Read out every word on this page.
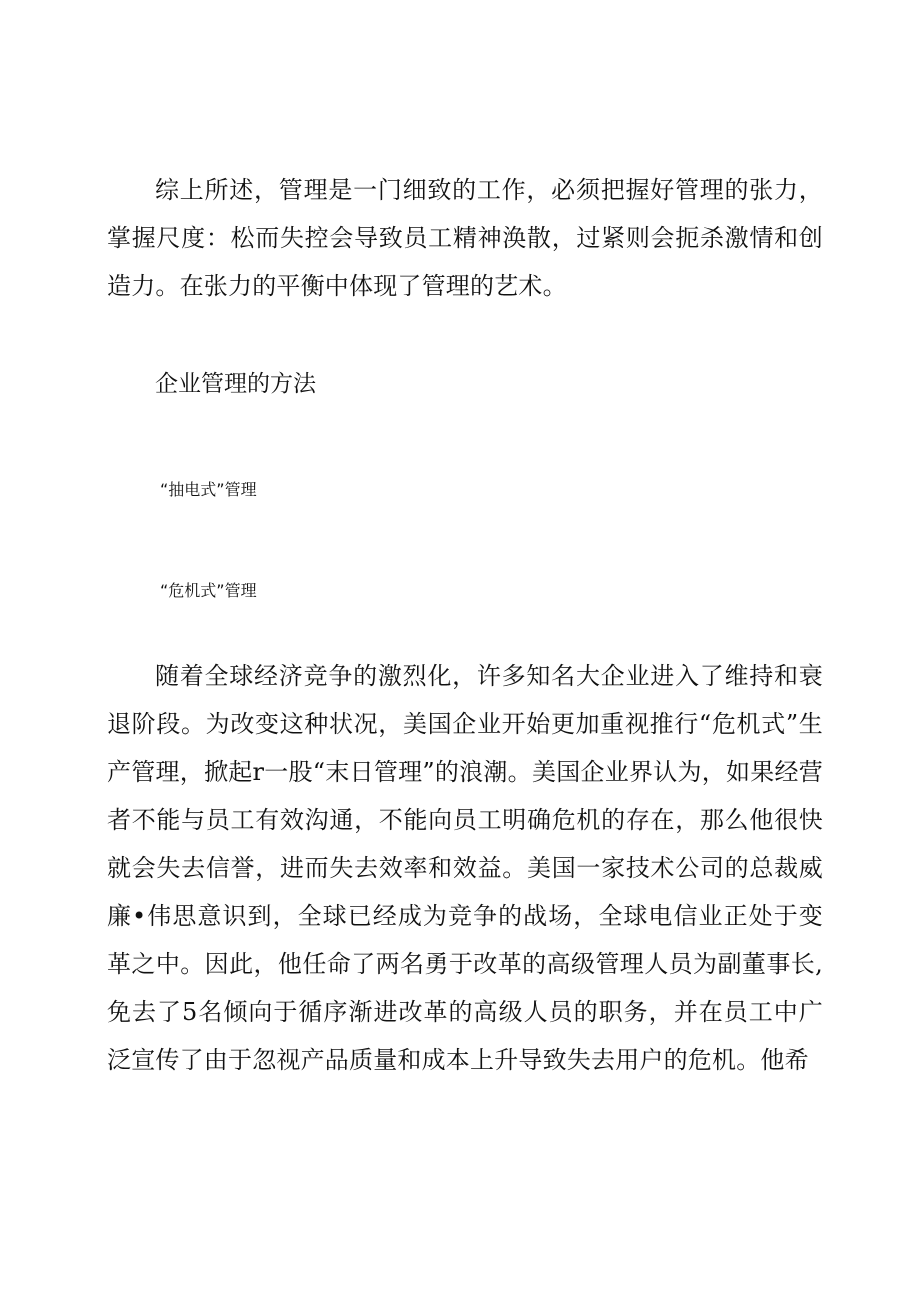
综上所述，管理是一门细致的工作，必须把握好管理的张力，掌握尺度：松而失控会导致员工精神涣散，过紧则会扼杀激情和创造力。在张力的平衡中体现了管理的艺术。

企业管理的方法
“抽电式”管理
“危机式”管理

随着全球经济竞争的激烈化，许多知名大企业进入了维持和衰退阶段。为改变这种状况，美国企业开始更加重视推行“危机式”生产管理，掀起r一股“末日管理”的浪潮。美国企业界认为，如果经营者不能与员工有效沟通，不能向员工明确危机的存在，那么他很快就会失去信誉，进而失去效率和效益。美国一家技术公司的总裁威廉•伟思意识到，全球已经成为竞争的战场，全球电信业正处于变革之中。因此，他任命了两名勇于改革的高级管理人员为副董事长,免去了5名倾向于循序渐进改革的高级人员的职务，并在员工中广泛宣传了由于忽视产品质量和成本上升导致失去用户的危机。他希
